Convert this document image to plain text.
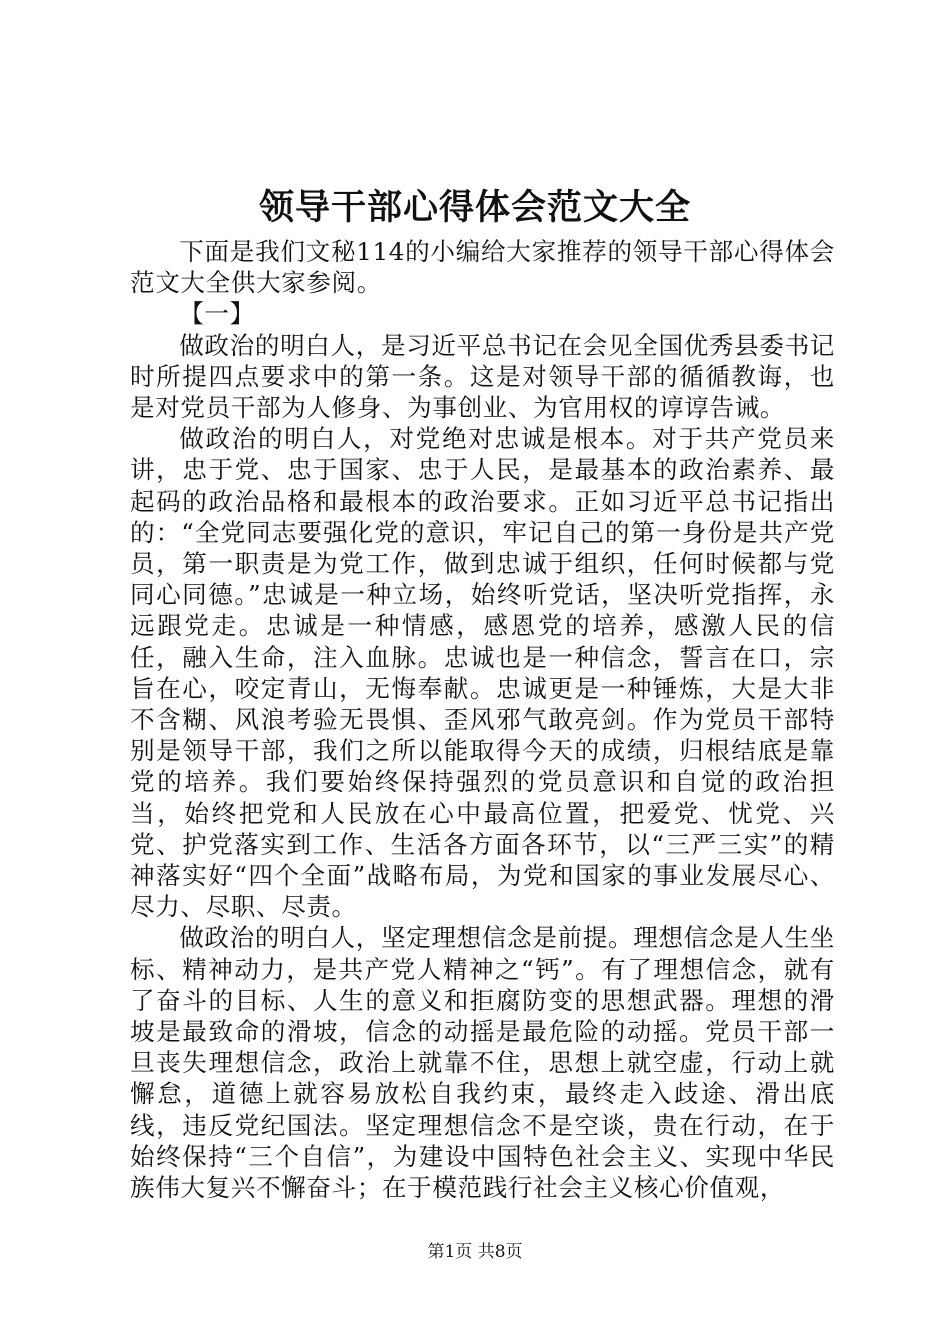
领导干部心得体会范文大全

下面是我们文秘114的小编给大家推荐的领导干部心得体会范文大全供大家参阅。

【一】

做政治的明白人，是习近平总书记在会见全国优秀县委书记时所提四点要求中的第一条。这是对领导干部的循循教诲，也是对党员干部为人修身、为事创业、为官用权的谆谆告诫。

做政治的明白人，对党绝对忠诚是根本。对于共产党员来讲，忠于党、忠于国家、忠于人民，是最基本的政治素养、最起码的政治品格和最根本的政治要求。正如习近平总书记指出的：“全党同志要强化党的意识，牢记自己的第一身份是共产党员，第一职责是为党工作，做到忠诚于组织，任何时候都与党同心同德。”忠诚是一种立场，始终听党话，坚决听党指挥，永远跟党走。忠诚是一种情感，感恩党的培养，感激人民的信任，融入生命，注入血脉。忠诚也是一种信念，誓言在口，宗旨在心，咬定青山，无悔奉献。忠诚更是一种锤炼，大是大非不含糊、风浪考验无畏惧、歪风邪气敢亮剑。作为党员干部特别是领导干部，我们之所以能取得今天的成绩，归根结底是靠党的培养。我们要始终保持强烈的党员意识和自觉的政治担当，始终把党和人民放在心中最高位置，把爱党、忧党、兴党、护党落实到工作、生活各方面各环节，以“三严三实”的精神落实好“四个全面”战略布局，为党和国家的事业发展尽心、尽力、尽职、尽责。

做政治的明白人，坚定理想信念是前提。理想信念是人生坐标、精神动力，是共产党人精神之“钙”。有了理想信念，就有了奋斗的目标、人生的意义和拒腐防变的思想武器。理想的滑坡是最致命的滑坡，信念的动摇是最危险的动摇。党员干部一旦丧失理想信念，政治上就靠不住，思想上就空虚，行动上就懈怠，道德上就容易放松自我约束，最终走入歧途、滑出底线，违反党纪国法。坚定理想信念不是空谈，贵在行动，在于始终保持“三个自信”，为建设中国特色社会主义、实现中华民族伟大复兴不懈奋斗；在于模范践行社会主义核心价值观，

第1页 共8页
